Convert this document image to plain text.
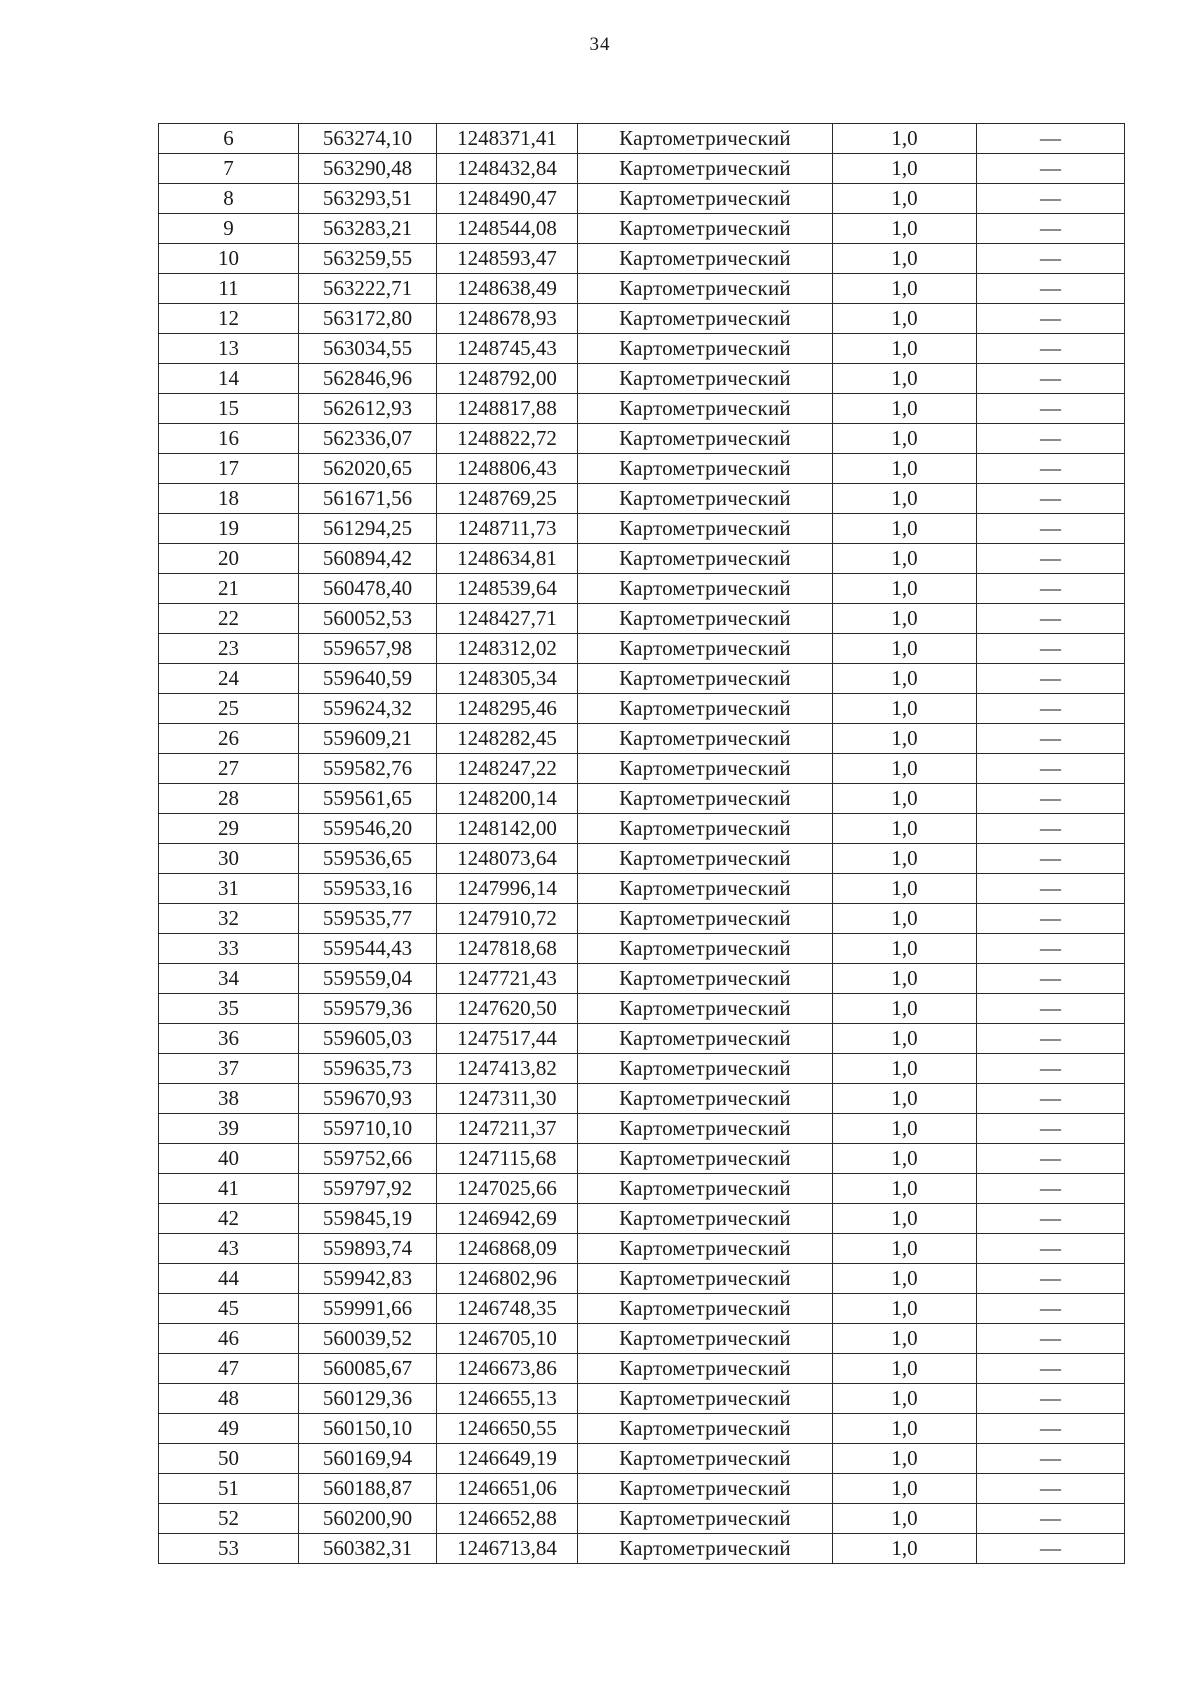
34
6	563274,10	1248371,41	Картометрический	1,0	—
7	563290,48	1248432,84	Картометрический	1,0	—
8	563293,51	1248490,47	Картометрический	1,0	—
9	563283,21	1248544,08	Картометрический	1,0	—
10	563259,55	1248593,47	Картометрический	1,0	—
11	563222,71	1248638,49	Картометрический	1,0	—
12	563172,80	1248678,93	Картометрический	1,0	—
13	563034,55	1248745,43	Картометрический	1,0	—
14	562846,96	1248792,00	Картометрический	1,0	—
15	562612,93	1248817,88	Картометрический	1,0	—
16	562336,07	1248822,72	Картометрический	1,0	—
17	562020,65	1248806,43	Картометрический	1,0	—
18	561671,56	1248769,25	Картометрический	1,0	—
19	561294,25	1248711,73	Картометрический	1,0	—
20	560894,42	1248634,81	Картометрический	1,0	—
21	560478,40	1248539,64	Картометрический	1,0	—
22	560052,53	1248427,71	Картометрический	1,0	—
23	559657,98	1248312,02	Картометрический	1,0	—
24	559640,59	1248305,34	Картометрический	1,0	—
25	559624,32	1248295,46	Картометрический	1,0	—
26	559609,21	1248282,45	Картометрический	1,0	—
27	559582,76	1248247,22	Картометрический	1,0	—
28	559561,65	1248200,14	Картометрический	1,0	—
29	559546,20	1248142,00	Картометрический	1,0	—
30	559536,65	1248073,64	Картометрический	1,0	—
31	559533,16	1247996,14	Картометрический	1,0	—
32	559535,77	1247910,72	Картометрический	1,0	—
33	559544,43	1247818,68	Картометрический	1,0	—
34	559559,04	1247721,43	Картометрический	1,0	—
35	559579,36	1247620,50	Картометрический	1,0	—
36	559605,03	1247517,44	Картометрический	1,0	—
37	559635,73	1247413,82	Картометрический	1,0	—
38	559670,93	1247311,30	Картометрический	1,0	—
39	559710,10	1247211,37	Картометрический	1,0	—
40	559752,66	1247115,68	Картометрический	1,0	—
41	559797,92	1247025,66	Картометрический	1,0	—
42	559845,19	1246942,69	Картометрический	1,0	—
43	559893,74	1246868,09	Картометрический	1,0	—
44	559942,83	1246802,96	Картометрический	1,0	—
45	559991,66	1246748,35	Картометрический	1,0	—
46	560039,52	1246705,10	Картометрический	1,0	—
47	560085,67	1246673,86	Картометрический	1,0	—
48	560129,36	1246655,13	Картометрический	1,0	—
49	560150,10	1246650,55	Картометрический	1,0	—
50	560169,94	1246649,19	Картометрический	1,0	—
51	560188,87	1246651,06	Картометрический	1,0	—
52	560200,90	1246652,88	Картометрический	1,0	—
53	560382,31	1246713,84	Картометрический	1,0	—
